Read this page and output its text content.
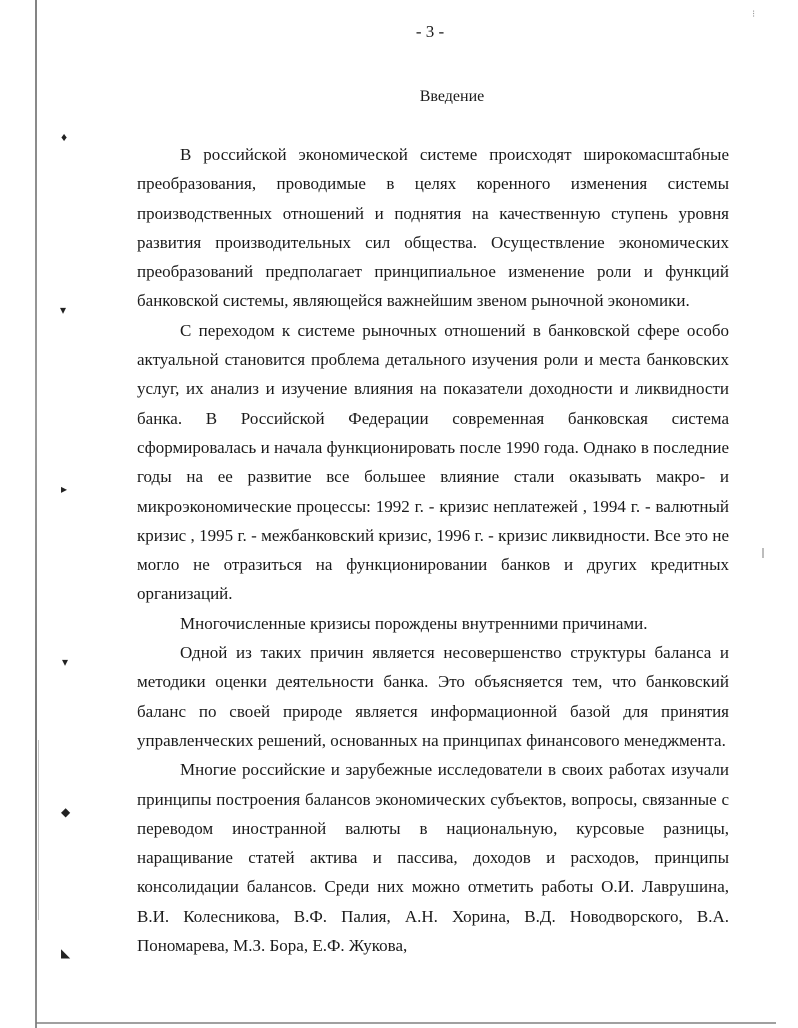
⁝
♦
▾
▸
▾
◆
◣
- 3 -
Введение

В российской экономической системе происходят широкомасштабные преобразования, проводимые в целях коренного изменения системы производственных отношений и поднятия на качественную ступень уровня развития производительных сил общества. Осуществление экономических преобразований предполагает принципиальное изменение роли и функций банковской системы, являющейся важнейшим звеном рыночной экономики.

С переходом к системе рыночных отношений в банковской сфере особо актуальной становится проблема детального изучения роли и места банковских услуг, их анализ и изучение влияния на показатели доходности и ликвидности банка. В Российской Федерации современная банковская система сформировалась и начала функционировать после 1990 года. Однако в последние годы на ее развитие все большее влияние стали оказывать макро- и микроэкономические процессы: 1992 г. - кризис неплатежей , 1994 г. - валютный кризис , 1995 г. - межбанковский кризис, 1996 г. - кризис ликвидности. Все это не могло не отразиться на функционировании банков и других кредитных организаций.

Многочисленные кризисы порождены внутренними причинами.

Одной из таких причин является несовершенство структуры баланса и методики оценки деятельности банка. Это объясняется тем, что банковский баланс по своей природе является информационной базой для принятия управленческих решений, основанных на принципах финансового менеджмента.

Многие российские и зарубежные исследователи в своих работах изучали принципы построения балансов экономических субъектов, вопросы, связанные с переводом иностранной валюты в национальную, курсовые разницы, наращивание статей актива и пассива, доходов и расходов, принципы консолидации балансов. Среди них можно отметить работы О.И. Лаврушина, В.И. Колесникова, В.Ф. Палия, А.Н. Хорина, В.Д. Новодворского, В.А. Пономарева, М.З. Бора, Е.Ф. Жукова,
